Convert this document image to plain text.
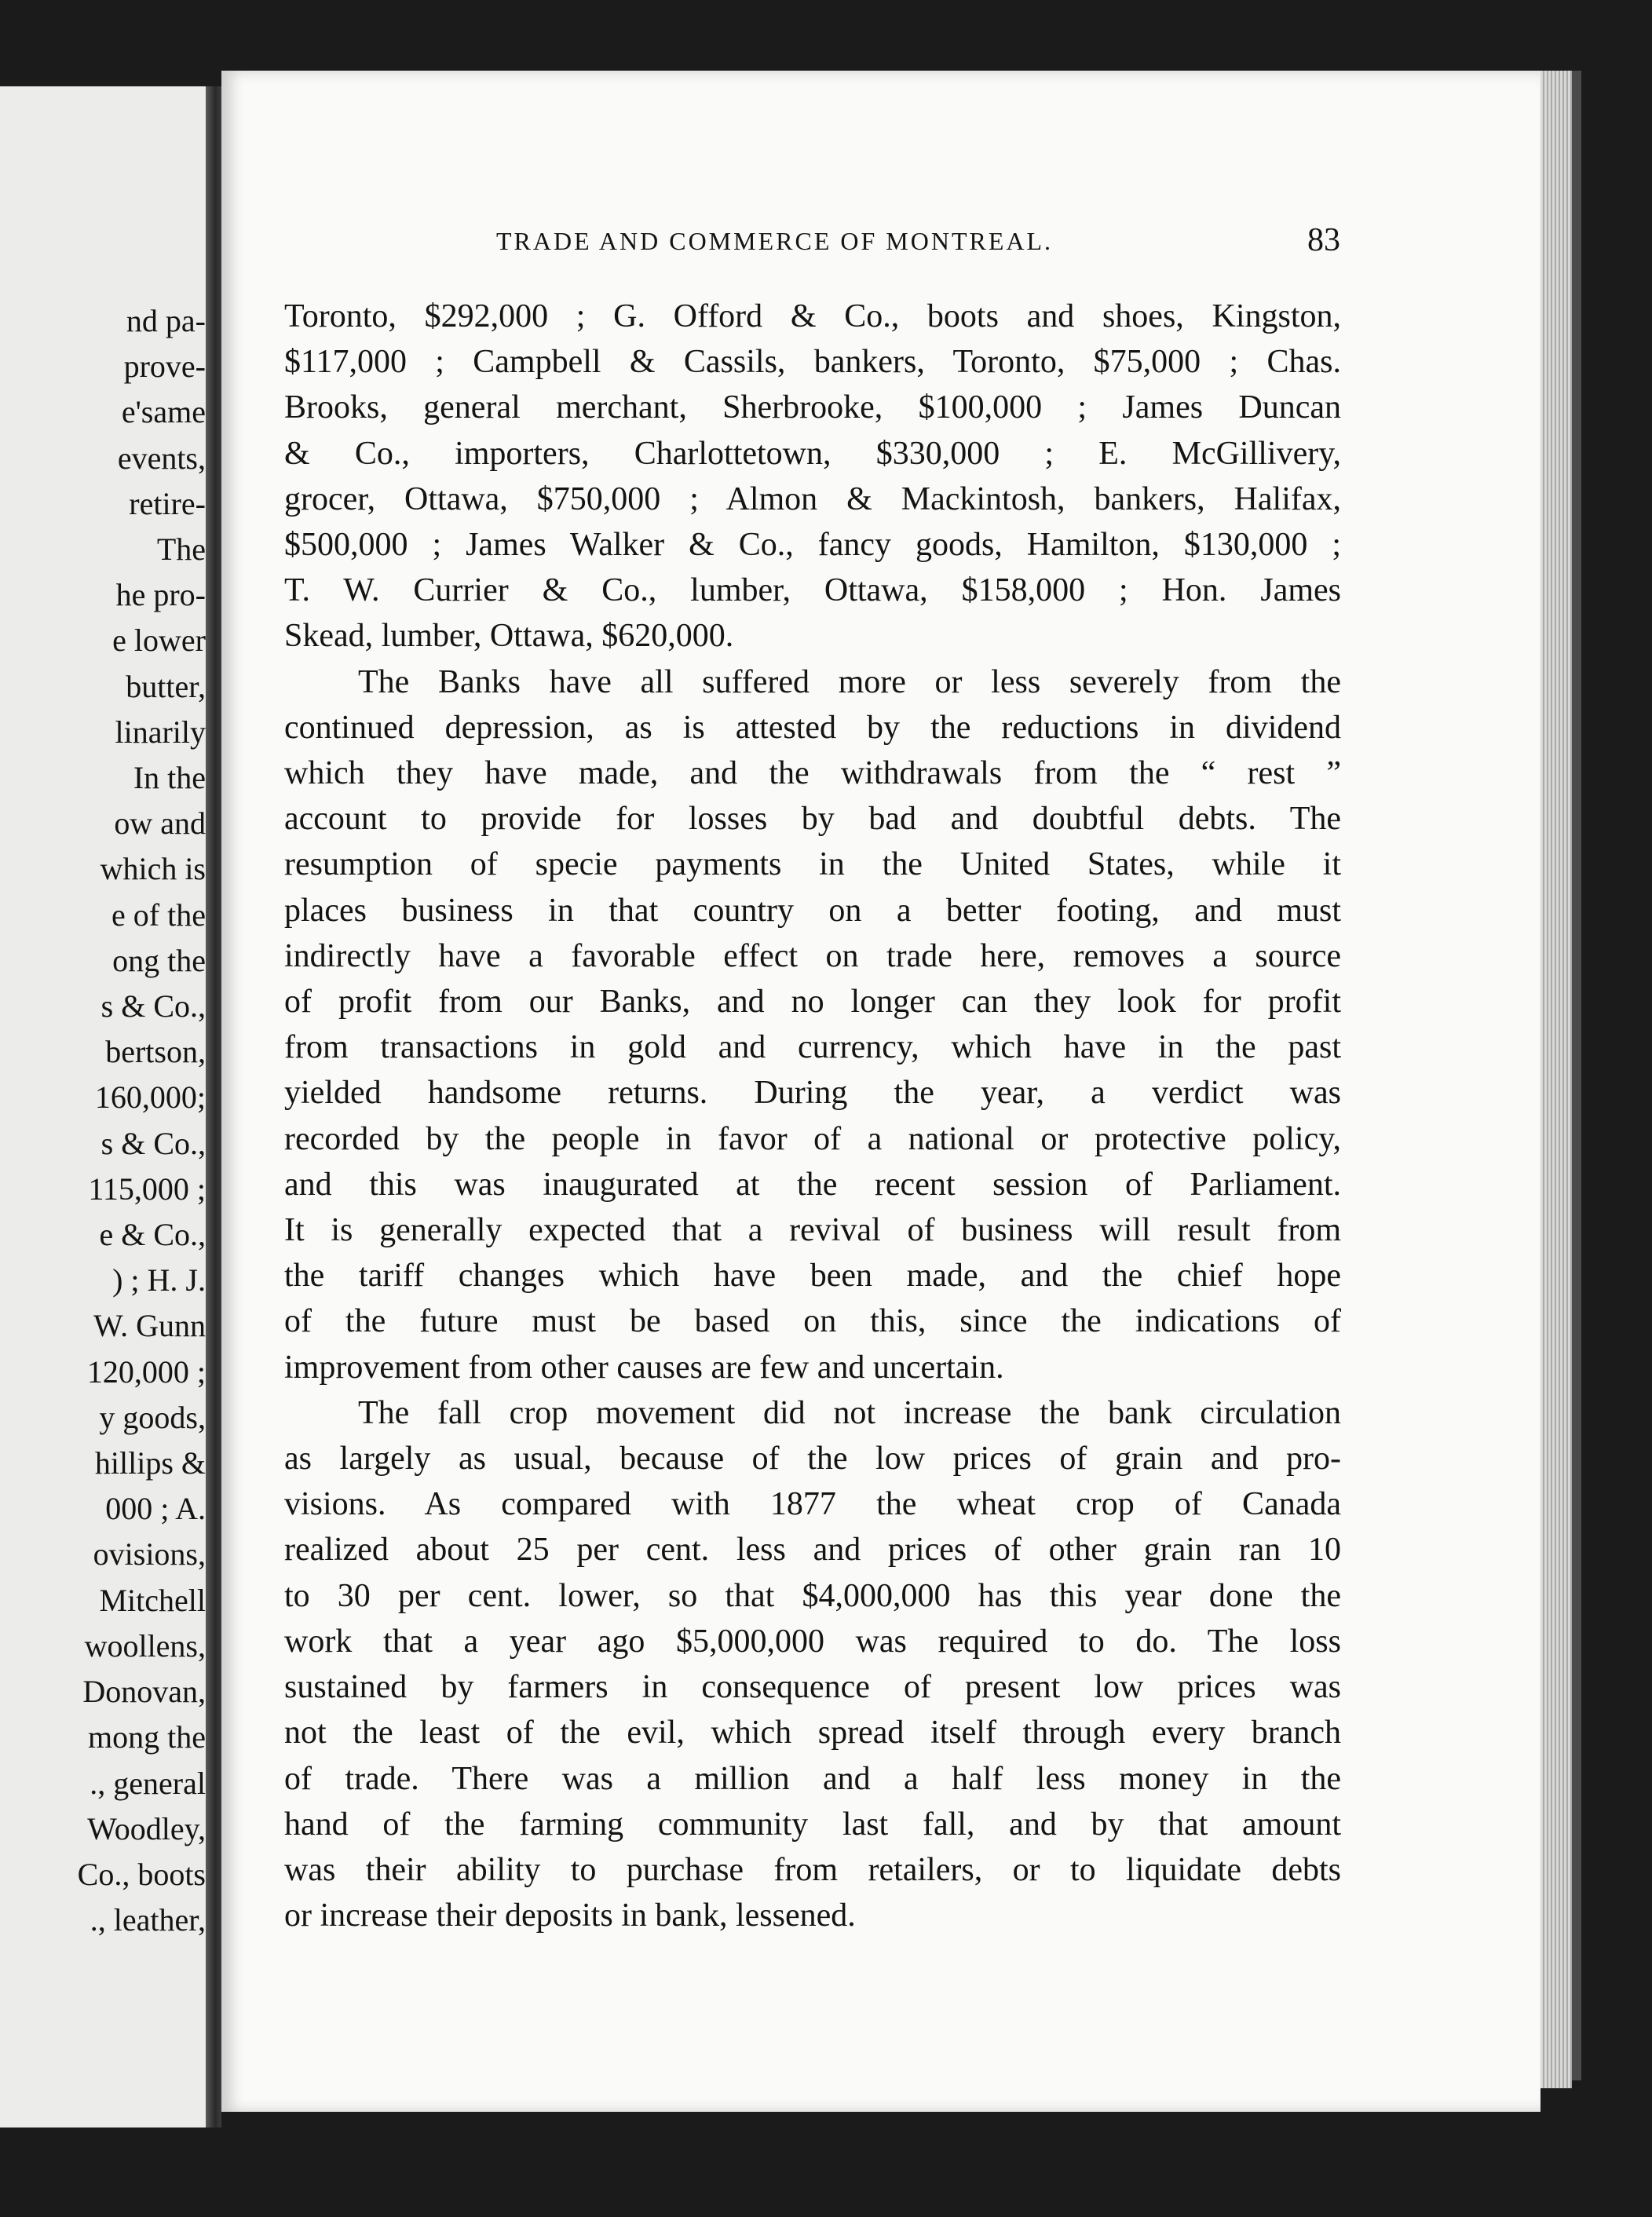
nd pa-
prove-
e'same
events,
retire-
The
he pro-
e lower
butter,
linarily
In the
ow and
which is
e of the
ong the
s & Co.,
bertson,
160,000;
s & Co.,
115,000 ;
e & Co.,
) ; H. J.
W. Gunn
120,000 ;
y goods,
hillips &
000 ; A.
ovisions,
Mitchell
woollens,
Donovan,
mong the
., general
Woodley,
Co., boots
., leather,
TRADE AND COMMERCE OF MONTREAL.	83
Toronto, $292,000 ; G. Offord & Co., boots and shoes, Kingston,
$117,000 ; Campbell & Cassils, bankers, Toronto, $75,000 ; Chas.
Brooks, general merchant, Sherbrooke, $100,000 ; James Duncan
& Co., importers, Charlottetown, $330,000 ; E. McGillivery,
grocer, Ottawa, $750,000 ; Almon & Mackintosh, bankers, Halifax,
$500,000 ; James Walker & Co., fancy goods, Hamilton, $130,000 ;
T. W. Currier & Co., lumber, Ottawa, $158,000 ; Hon. James
Skead, lumber, Ottawa, $620,000.
The Banks have all suffered more or less severely from the
continued depression, as is attested by the reductions in dividend
which they have made, and the withdrawals from the “ rest ”
account to provide for losses by bad and doubtful debts. The
resumption of specie payments in the United States, while it
places business in that country on a better footing, and must
indirectly have a favorable effect on trade here, removes a source
of profit from our Banks, and no longer can they look for profit
from transactions in gold and currency, which have in the past
yielded handsome returns. During the year, a verdict was
recorded by the people in favor of a national or protective policy,
and this was inaugurated at the recent session of Parliament.
It is generally expected that a revival of business will result from
the tariff changes which have been made, and the chief hope
of the future must be based on this, since the indications of
improvement from other causes are few and uncertain.
The fall crop movement did not increase the bank circulation
as largely as usual, because of the low prices of grain and pro-
visions. As compared with 1877 the wheat crop of Canada
realized about 25 per cent. less and prices of other grain ran 10
to 30 per cent. lower, so that $4,000,000 has this year done the
work that a year ago $5,000,000 was required to do. The loss
sustained by farmers in consequence of present low prices was
not the least of the evil, which spread itself through every branch
of trade. There was a million and a half less money in the
hand of the farming community last fall, and by that amount
was their ability to purchase from retailers, or to liquidate debts
or increase their deposits in bank, lessened.
